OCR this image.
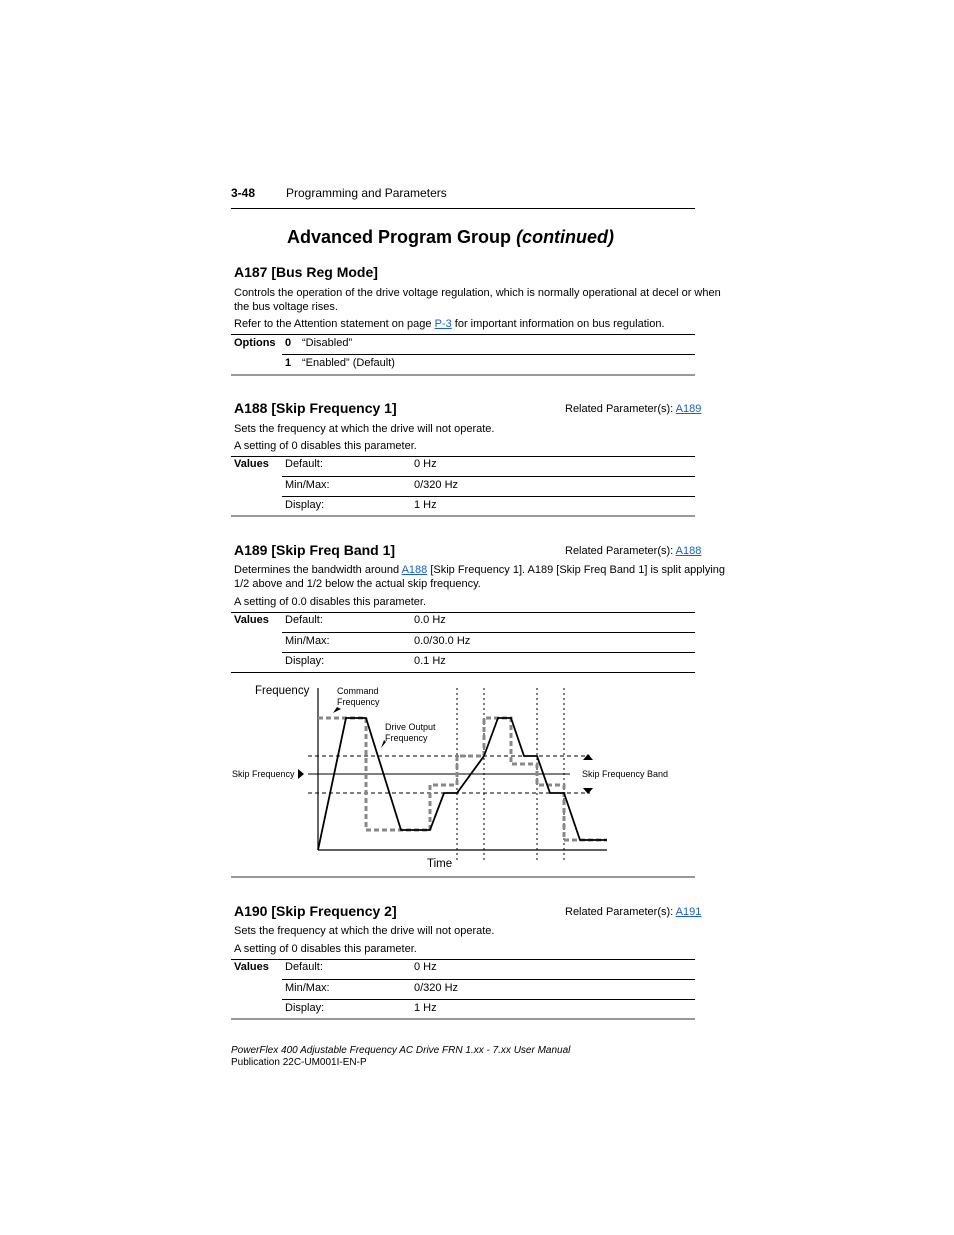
3-48	Programming and Parameters
Advanced Program Group (continued)
A187 [Bus Reg Mode]
Controls the operation of the drive voltage regulation, which is normally operational at decel or when
the bus voltage rises.
Refer to the Attention statement on page P-3 for important information on bus regulation.
Options 0 “Disabled”
1 “Enabled” (Default)
A188 [Skip Frequency 1]	Related Parameter(s): A189
Sets the frequency at which the drive will not operate.
A setting of 0 disables this parameter.
Values Default:	0 Hz
Min/Max:	0/320 Hz
Display:	1 Hz
A189 [Skip Freq Band 1]	Related Parameter(s): A188
Determines the bandwidth around A188 [Skip Frequency 1]. A189 [Skip Freq Band 1] is split applying
1/2 above and 1/2 below the actual skip frequency.
A setting of 0.0 disables this parameter.
Values Default:	0.0 Hz
Min/Max:	0.0/30.0 Hz
Display:	0.1 Hz
Frequency	Command
Frequency
Drive Output
Frequency
Skip Frequency	Skip Frequency Band
Time
A190 [Skip Frequency 2]	Related Parameter(s): A191
Sets the frequency at which the drive will not operate.
A setting of 0 disables this parameter.
Values Default:	0 Hz
Min/Max:	0/320 Hz
Display:	1 Hz
PowerFlex 400 Adjustable Frequency AC Drive FRN 1.xx - 7.xx User Manual
Publication 22C-UM001I-EN-P
